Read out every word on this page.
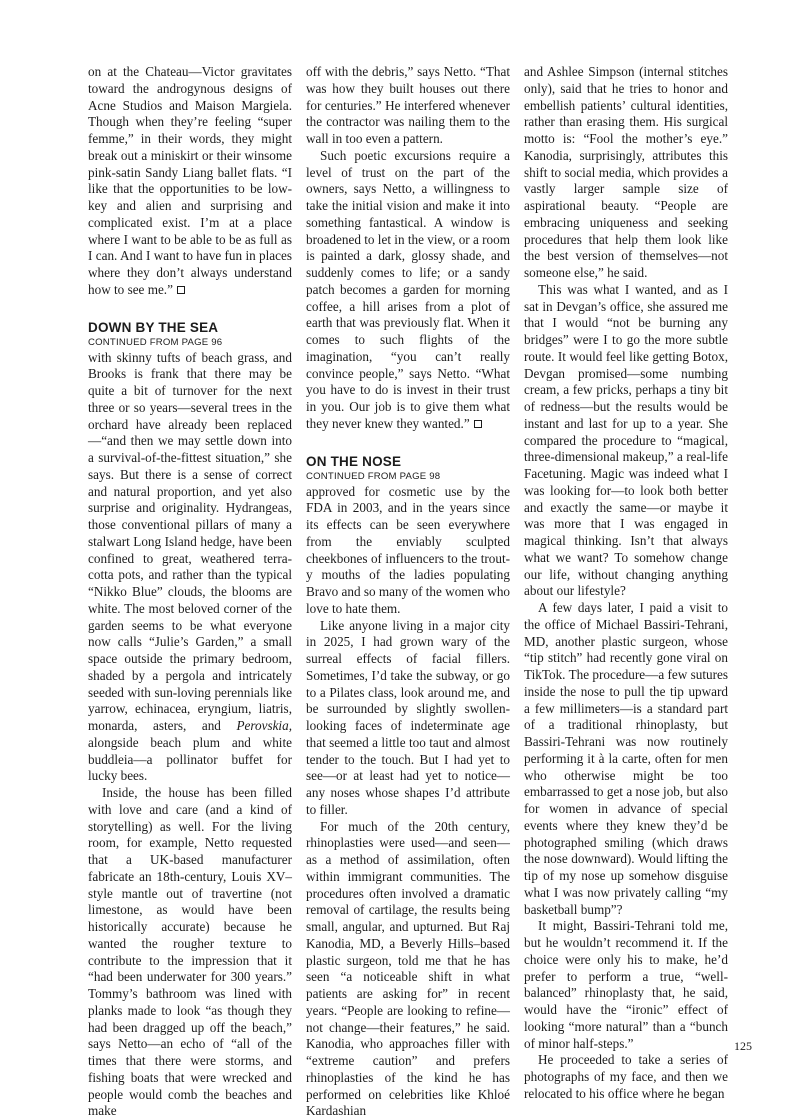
on at the Chateau—Victor gravitates toward the androgynous designs of Acne Studios and Maison Margiela. Though when they’re feeling “super femme,” in their words, they might break out a miniskirt or their winsome pink-satin Sandy Liang ballet flats. “I like that the opportunities to be low-key and alien and surprising and complicated exist. I’m at a place where I want to be able to be as full as I can. And I want to have fun in places where they don’t always understand how to see me.”

DOWN BY THE SEA
CONTINUED FROM PAGE 96

with skinny tufts of beach grass, and Brooks is frank that there may be quite a bit of turnover for the next three or so years—several trees in the orchard have already been replaced—“and then we may settle down into a survival-of-the-fittest situation,” she says. But there is a sense of correct and natural proportion, and yet also surprise and originality. Hydrangeas, those conventional pillars of many a stalwart Long Island hedge, have been confined to great, weathered terra-cotta pots, and rather than the typical “Nikko Blue” clouds, the blooms are white. The most beloved corner of the garden seems to be what everyone now calls “Julie’s Garden,” a small space outside the primary bedroom, shaded by a pergola and intricately seeded with sun-loving perennials like yarrow, echinacea, eryngium, liatris, monarda, asters, and Perovskia, alongside beach plum and white buddleia—a pollinator buffet for lucky bees.

Inside, the house has been filled with love and care (and a kind of storytelling) as well. For the living room, for example, Netto requested that a UK-based manufacturer fabricate an 18th-century, Louis XV–style mantle out of travertine (not limestone, as would have been historically accurate) because he wanted the rougher texture to contribute to the impression that it “had been underwater for 300 years.” Tommy’s bathroom was lined with planks made to look “as though they had been dragged up off the beach,” says Netto—an echo of “all of the times that there were storms, and fishing boats that were wrecked and people would comb the beaches and make

off with the debris,” says Netto. “That was how they built houses out there for centuries.” He interfered whenever the contractor was nailing them to the wall in too even a pattern.

Such poetic excursions require a level of trust on the part of the owners, says Netto, a willingness to take the initial vision and make it into something fantastical. A window is broadened to let in the view, or a room is painted a dark, glossy shade, and suddenly comes to life; or a sandy patch becomes a garden for morning coffee, a hill arises from a plot of earth that was previously flat. When it comes to such flights of the imagination, “you can’t really convince people,” says Netto. “What you have to do is invest in their trust in you. Our job is to give them what they never knew they wanted.”

ON THE NOSE
CONTINUED FROM PAGE 98

approved for cosmetic use by the FDA in 2003, and in the years since its effects can be seen everywhere from the enviably sculpted cheekbones of influencers to the trout-y mouths of the ladies populating Bravo and so many of the women who love to hate them.

Like anyone living in a major city in 2025, I had grown wary of the surreal effects of facial fillers. Sometimes, I’d take the subway, or go to a Pilates class, look around me, and be surrounded by slightly swollen-looking faces of indeterminate age that seemed a little too taut and almost tender to the touch. But I had yet to see—or at least had yet to notice—any noses whose shapes I’d attribute to filler.

For much of the 20th century, rhinoplasties were used—and seen—as a method of assimilation, often within immigrant communities. The procedures often involved a dramatic removal of cartilage, the results being small, angular, and upturned. But Raj Kanodia, MD, a Beverly Hills–based plastic surgeon, told me that he has seen “a noticeable shift in what patients are asking for” in recent years. “People are looking to refine—not change—their features,” he said. Kanodia, who approaches filler with “extreme caution” and prefers rhinoplasties of the kind he has performed on celebrities like Khloé Kardashian

and Ashlee Simpson (internal stitches only), said that he tries to honor and embellish patients’ cultural identities, rather than erasing them. His surgical motto is: “Fool the mother’s eye.” Kanodia, surprisingly, attributes this shift to social media, which provides a vastly larger sample size of aspirational beauty. “People are embracing uniqueness and seeking procedures that help them look like the best version of themselves—not someone else,” he said.

This was what I wanted, and as I sat in Devgan’s office, she assured me that I would “not be burning any bridges” were I to go the more subtle route. It would feel like getting Botox, Devgan promised—some numbing cream, a few pricks, perhaps a tiny bit of redness—but the results would be instant and last for up to a year. She compared the procedure to “magical, three-dimensional makeup,” a real-life Facetuning. Magic was indeed what I was looking for—to look both better and exactly the same—or maybe it was more that I was engaged in magical thinking. Isn’t that always what we want? To somehow change our life, without changing anything about our lifestyle?

A few days later, I paid a visit to the office of Michael Bassiri-Tehrani, MD, another plastic surgeon, whose “tip stitch” had recently gone viral on TikTok. The procedure—a few sutures inside the nose to pull the tip upward a few millimeters—is a standard part of a traditional rhinoplasty, but Bassiri-Tehrani was now routinely performing it à la carte, often for men who otherwise might be too embarrassed to get a nose job, but also for women in advance of special events where they knew they’d be photographed smiling (which draws the nose downward). Would lifting the tip of my nose up somehow disguise what I was now privately calling “my basketball bump”?

It might, Bassiri-Tehrani told me, but he wouldn’t recommend it. If the choice were only his to make, he’d prefer to perform a true, “well-balanced” rhinoplasty that, he said, would have the “ironic” effect of looking “more natural” than a “bunch of minor half-steps.”

He proceeded to take a series of photographs of my face, and then we relocated to his office where he began

125
